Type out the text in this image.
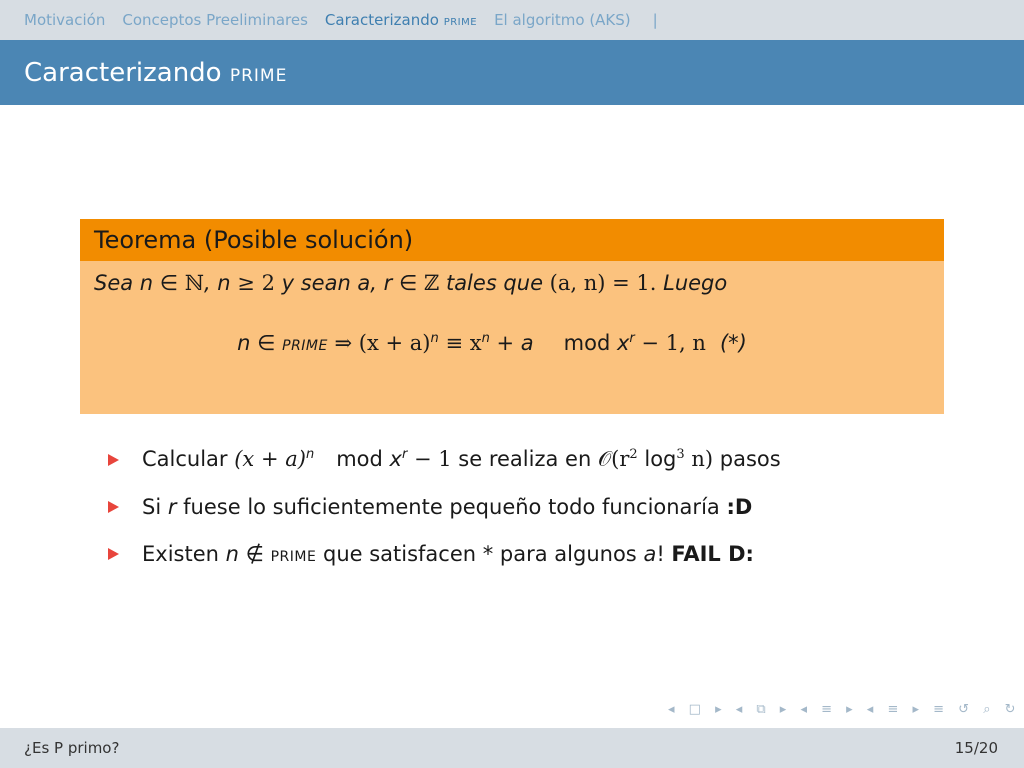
Motivación Conceptos Preeliminares Caracterizando prime El algoritmo (AKS) |
Caracterizando prime
Teorema (Posible solución)
Sea n ∈ ℕ, n ≥ 2 y sean a, r ∈ ℤ tales que (a, n) = 1. Luego
n ∈ prime ⇒ $(x + a)^n \equiv x^n + a$ mod $x^r - 1$, n (*)
Calcular $(x + a)^n$ mod $x^r - 1$ se realiza en $𝒪(r^2$ $\log^3 n$) pasos
Si r fuese lo suficientemente pequeño todo funcionaría :D
Existen n ∉ prime que satisfacen * para algunos a! FAIL D:
◂ □ ▸ ◂ ⧉ ▸ ◂ ≡ ▸ ◂ ≡ ▸ ≡ ↺ ⌕ ↻
¿Es P primo?	15/20
